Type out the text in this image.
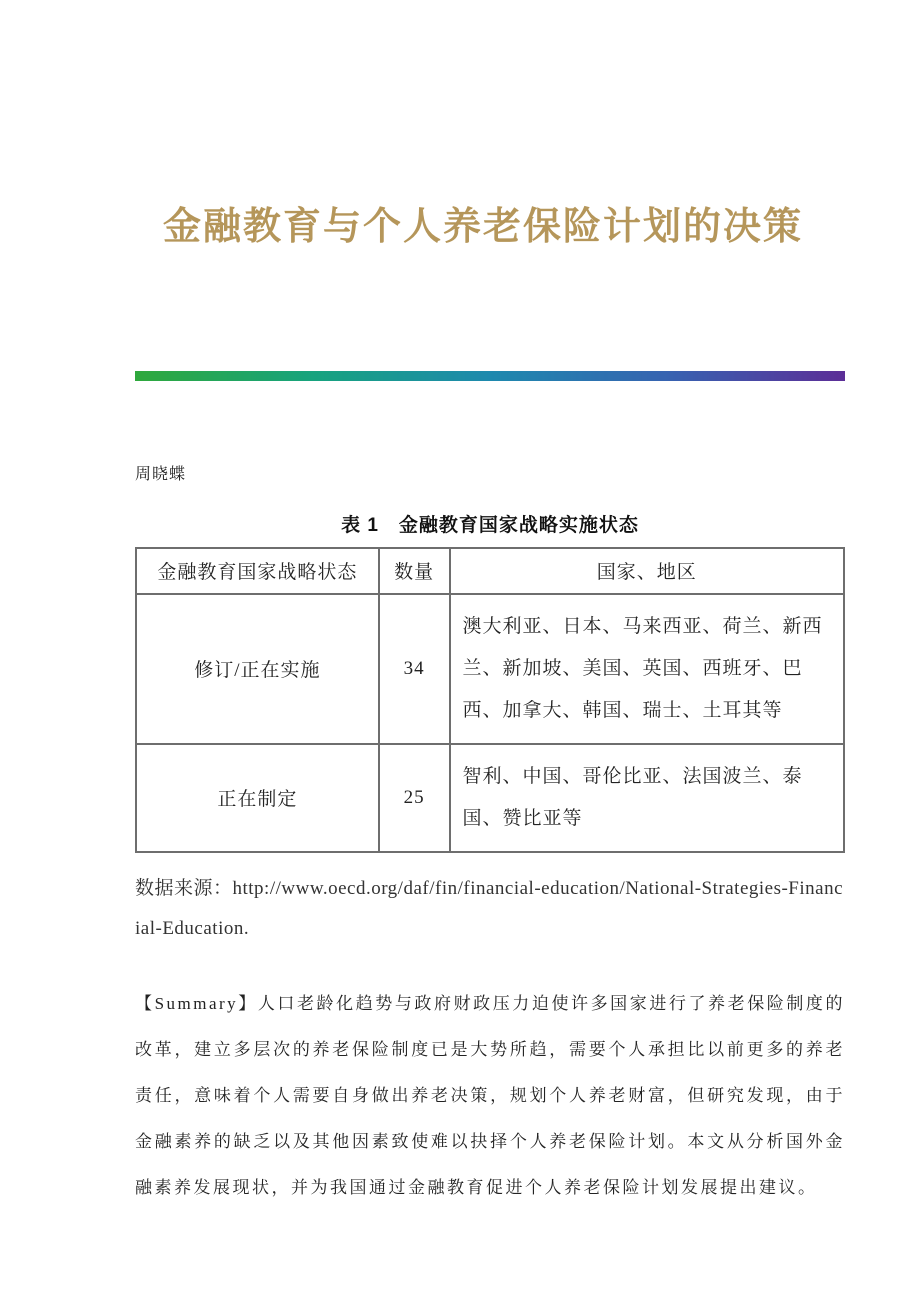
金融教育与个人养老保险计划的决策
周晓蝶
表 1　金融教育国家战略实施状态
金融教育国家战略状态	数量	国家、地区
修订/正在实施	34	澳大利亚、日本、马来西亚、荷兰、新西兰、新加坡、美国、英国、西班牙、巴西、加拿大、韩国、瑞士、土耳其等
正在制定	25	智利、中国、哥伦比亚、法国波兰、泰国、赞比亚等
数据来源：http://www.oecd.org/daf/fin/financial-education/National-Strategies-Financial-Education.

【Summary】人口老龄化趋势与政府财政压力迫使许多国家进行了养老保险制度的改革，建立多层次的养老保险制度已是大势所趋，需要个人承担比以前更多的养老责任，意味着个人需要自身做出养老决策，规划个人养老财富，但研究发现，由于金融素养的缺乏以及其他因素致使难以抉择个人养老保险计划。本文从分析国外金融素养发展现状，并为我国通过金融教育促进个人养老保险计划发展提出建议。
